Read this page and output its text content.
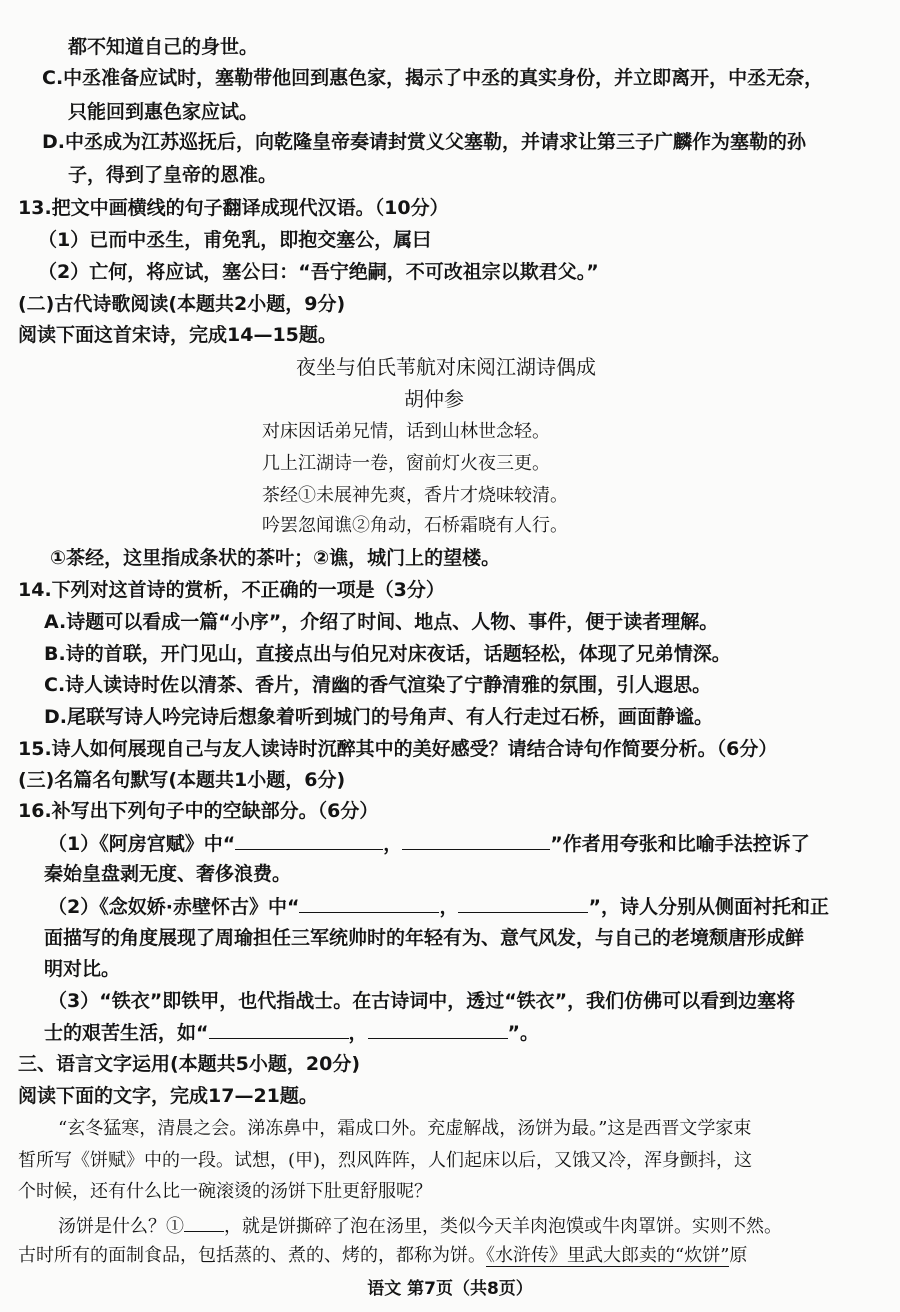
都不知道自己的身世。
C.中丞准备应试时，塞勒带他回到惠色家，揭示了中丞的真实身份，并立即离开，中丞无奈，
只能回到惠色家应试。
D.中丞成为江苏巡抚后，向乾隆皇帝奏请封赏义父塞勒，并请求让第三子广麟作为塞勒的孙
子，得到了皇帝的恩准。
13.把文中画横线的句子翻译成现代汉语。（10分）
（1）已而中丞生，甫免乳，即抱交塞公，属曰
（2）亡何，将应试，塞公曰：“吾宁绝嗣，不可改祖宗以欺君父。”
(二)古代诗歌阅读(本题共2小题，9分)
阅读下面这首宋诗，完成14—15题。
夜坐与伯氏苇航对床阅江湖诗偶成
胡仲参
对床因话弟兄情，话到山林世念轻。
几上江湖诗一卷，窗前灯火夜三更。
茶经①未展神先爽，香片才烧味较清。
吟罢忽闻谯②角动，石桥霜晓有人行。
①茶经，这里指成条状的茶叶；②谯，城门上的望楼。
14.下列对这首诗的赏析，不正确的一项是（3分）
A.诗题可以看成一篇“小序”，介绍了时间、地点、人物、事件，便于读者理解。
B.诗的首联，开门见山，直接点出与伯兄对床夜话，话题轻松，体现了兄弟情深。
C.诗人读诗时佐以清茶、香片，清幽的香气渲染了宁静清雅的氛围，引人遐思。
D.尾联写诗人吟完诗后想象着听到城门的号角声、有人行走过石桥，画面静谧。
15.诗人如何展现自己与友人读诗时沉醉其中的美好感受？请结合诗句作简要分析。（6分）
(三)名篇名句默写(本题共1小题，6分)
16.补写出下列句子中的空缺部分。（6分）
（1）《阿房宫赋》中“	，	”作者用夸张和比喻手法控诉了
秦始皇盘剥无度、奢侈浪费。
（2）《念奴娇·赤壁怀古》中“	，	”，诗人分别从侧面衬托和正
面描写的角度展现了周瑜担任三军统帅时的年轻有为、意气风发，与自己的老境颓唐形成鲜
明对比。
（3）“铁衣”即铁甲，也代指战士。在古诗词中，透过“铁衣”，我们仿佛可以看到边塞将
士的艰苦生活，如“	，	”。
三、语言文字运用(本题共5小题，20分)
阅读下面的文字，完成17—21题。
“玄冬猛寒，清晨之会。涕冻鼻中，霜成口外。充虚解战，汤饼为最。”这是西晋文学家束
皙所写《饼赋》中的一段。试想，(甲)，烈风阵阵，人们起床以后，又饿又冷，浑身颤抖，这
个时候，还有什么比一碗滚烫的汤饼下肚更舒服呢？
汤饼是什么？① ，就是饼撕碎了泡在汤里，类似今天羊肉泡馍或牛肉罩饼。实则不然。
古时所有的面制食品，包括蒸的、煮的、烤的，都称为饼。《水浒传》里武大郎卖的“炊饼”原
语文 第7页（共8页）
